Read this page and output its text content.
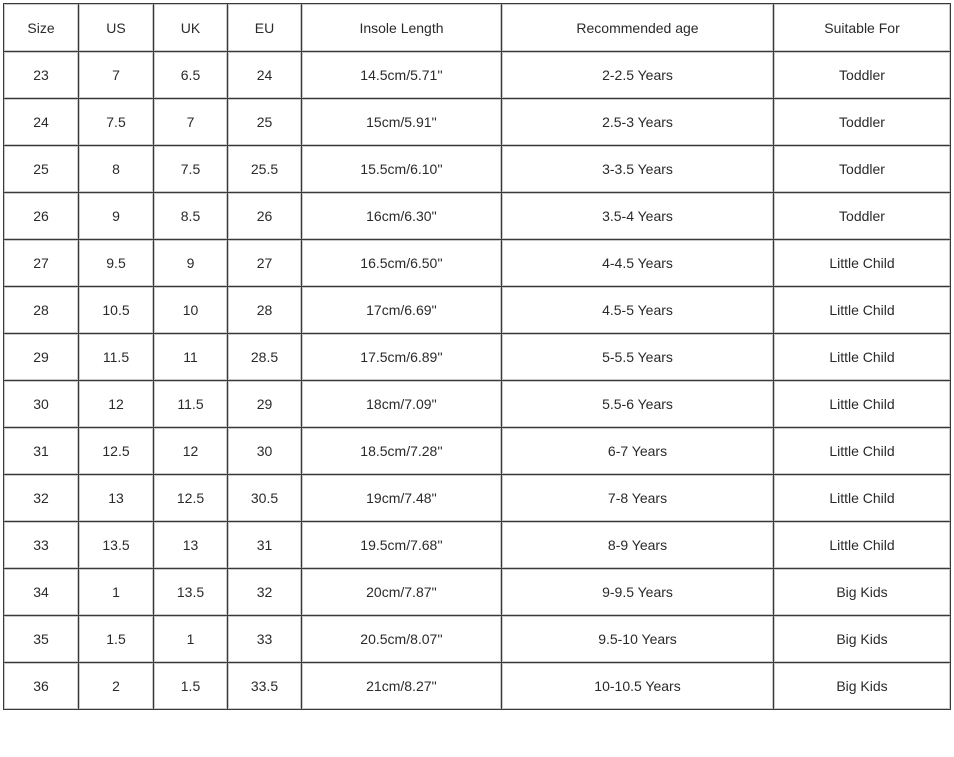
Size	US	UK	EU	Insole Length	Recommended age	Suitable For
23	7	6.5	24	14.5cm/5.71''	2-2.5 Years	Toddler
24	7.5	7	25	15cm/5.91''	2.5-3 Years	Toddler
25	8	7.5	25.5	15.5cm/6.10''	3-3.5 Years	Toddler
26	9	8.5	26	16cm/6.30''	3.5-4 Years	Toddler
27	9.5	9	27	16.5cm/6.50''	4-4.5 Years	Little Child
28	10.5	10	28	17cm/6.69''	4.5-5 Years	Little Child
29	11.5	11	28.5	17.5cm/6.89''	5-5.5 Years	Little Child
30	12	11.5	29	18cm/7.09''	5.5-6 Years	Little Child
31	12.5	12	30	18.5cm/7.28''	6-7 Years	Little Child
32	13	12.5	30.5	19cm/7.48''	7-8 Years	Little Child
33	13.5	13	31	19.5cm/7.68''	8-9 Years	Little Child
34	1	13.5	32	20cm/7.87''	9-9.5 Years	Big Kids
35	1.5	1	33	20.5cm/8.07''	9.5-10 Years	Big Kids
36	2	1.5	33.5	21cm/8.27''	10-10.5 Years	Big Kids
